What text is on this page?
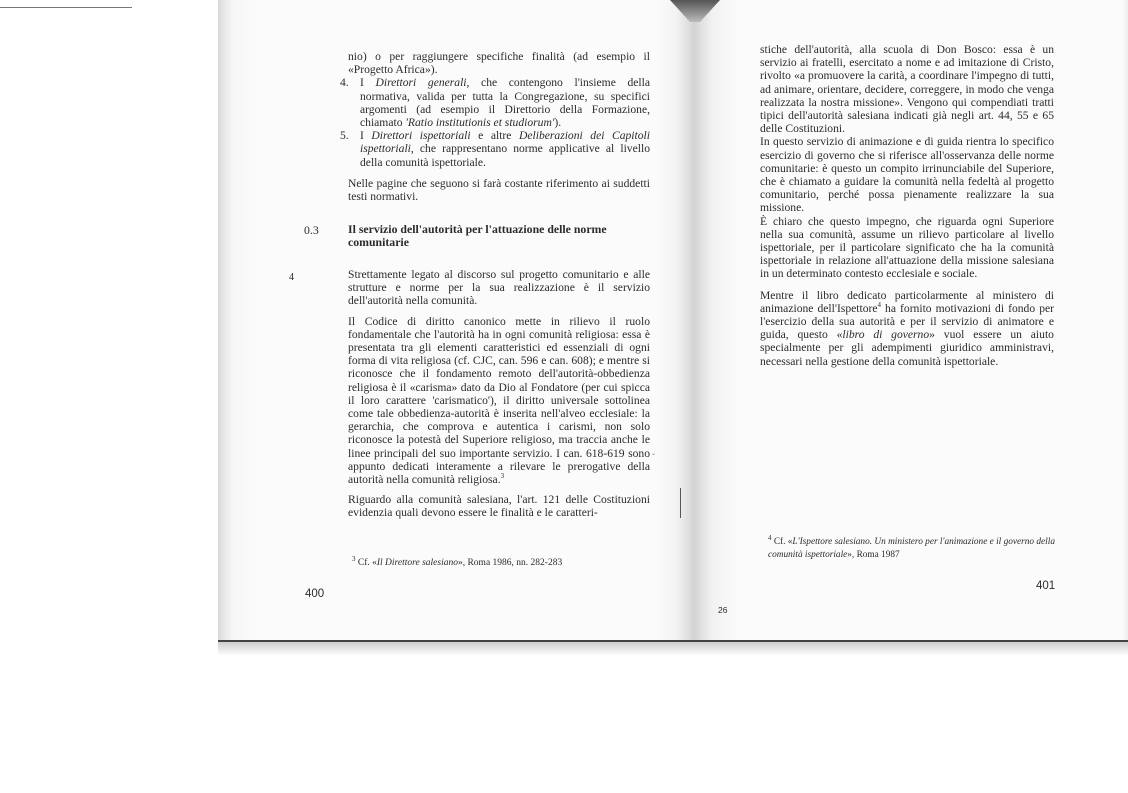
ˇ
nio) o per raggiungere specifiche finalità (ad esempio il «Progetto Africa»).
4. I Direttori generali, che contengono l'insieme della normativa, valida per tutta la Congregazione, su specifici argomenti (ad esempio il Direttorio della Formazione, chiamato 'Ratio institutionis et studiorum').
5. I Direttori ispettoriali e altre Deliberazioni dei Capitoli ispettoriali, che rappresentano norme applicative al livello della comunità ispettoriale.

Nelle pagine che seguono si farà costante riferimento ai suddetti testi normativi.

0.3 Il servizio dell'autorità per l'attuazione delle norme comunitarie
4	Strettamente legato al discorso sul progetto comunitario e alle strutture e norme per la sua realizzazione è il servizio dell'autorità nella comunità.

Il Codice di diritto canonico mette in rilievo il ruolo fondamentale che l'autorità ha in ogni comunità religiosa: essa è presentata tra gli elementi caratteristici ed essenziali di ogni forma di vita religiosa (cf. CJC, can. 596 e can. 608); e mentre si riconosce che il fondamento remoto dell'autorità-obbedienza religiosa è il «carisma» dato da Dio al Fondatore (per cui spicca il loro carattere 'carismatico'), il diritto universale sottolinea come tale obbedienza-autorità è inserita nell'alveo ecclesiale: la gerarchia, che comprova e autentica i carismi, non solo riconosce la potestà del Superiore religioso, ma traccia anche le linee principali del suo importante servizio. I can. 618-619 sono appunto dedicati interamente a rilevare le prerogative della autorità nella comunità religiosa.$^3$

Riguardo alla comunità salesiana, l'art. 121 delle Costituzioni evidenzia quali devono essere le finalità e le caratteri-

$^3$ Cf. «Il Direttore salesiano», Roma 1986, nn. 282-283
400

stiche dell'autorità, alla scuola di Don Bosco: essa è un servizio ai fratelli, esercitato a nome e ad imitazione di Cristo, rivolto «a promuovere la carità, a coordinare l'impegno di tutti, ad animare, orientare, decidere, correggere, in modo che venga realizzata la nostra missione». Vengono qui compendiati tratti tipici dell'autorità salesiana indicati già negli art. 44, 55 e 65 delle Costituzioni.

In questo servizio di animazione e di guida rientra lo specifico esercizio di governo che si riferisce all'osservanza delle norme comunitarie: è questo un compito irrinunciabile del Superiore, che è chiamato a guidare la comunità nella fedeltà al progetto comunitario, perché possa pienamente realizzare la sua missione.

È chiaro che questo impegno, che riguarda ogni Superiore nella sua comunità, assume un rilievo particolare al livello ispettoriale, per il particolare significato che ha la comunità ispettoriale in relazione all'attuazione della missione salesiana in un determinato contesto ecclesiale e sociale.

Mentre il libro dedicato particolarmente al ministero di animazione dell'Ispettore$^4$ ha fornito motivazioni di fondo per l'esercizio della sua autorità e per il servizio di animatore e guida, questo «libro di governo» vuol essere un aiuto specialmente per gli adempimenti giuridico amministravi, necessari nella gestione della comunità ispettoriale.

$^4$ Cf. «L'Ispettore salesiano. Un ministero per l'animazione e il governo della comunità ispettoriale», Roma 1987
401
26
